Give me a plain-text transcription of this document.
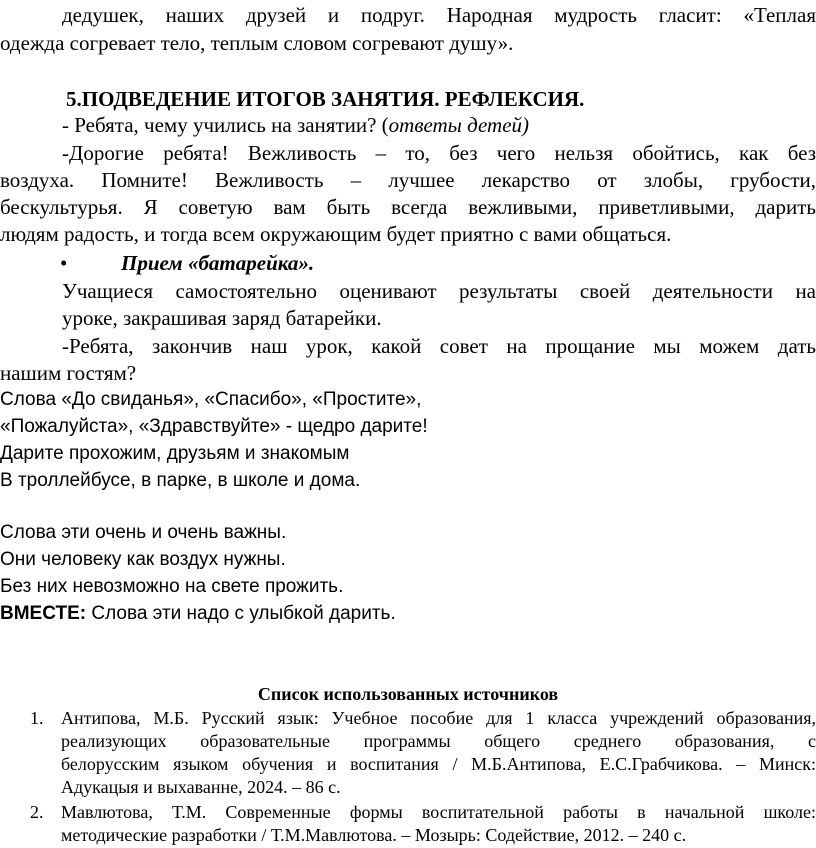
дедушек, наших друзей и подруг. Народная мудрость гласит: «Теплая
одежда согревает тело, теплым словом согревают душу».
5.ПОДВЕДЕНИЕ ИТОГОВ ЗАНЯТИЯ. РЕФЛЕКСИЯ.
- Ребята, чему учились на занятии? (ответы детей)
-Дорогие ребята! Вежливость – то, без чего нельзя обойтись, как без
воздуха. Помните! Вежливость – лучшее лекарство от злобы, грубости,
бескультурья. Я советую вам быть всегда вежливыми, приветливыми, дарить
людям радость, и тогда всем окружающим будет приятно с вами общаться.
•	Прием «батарейка».
Учащиеся самостоятельно оценивают результаты своей деятельности на
уроке, закрашивая заряд батарейки.
-Ребята, закончив наш урок, какой совет на прощание мы можем дать
нашим гостям?
Слова «До свиданья», «Спасибо», «Простите»,
«Пожалуйста», «Здравствуйте» - щедро дарите!
Дарите прохожим, друзьям и знакомым
В троллейбусе, в парке, в школе и дома.
Слова эти очень и очень важны.
Они человеку как воздух нужны.
Без них невозможно на свете прожить.
ВМЕСТЕ: Слова эти надо с улыбкой дарить.
Список использованных источников
1. Антипова, М.Б. Русский язык: Учебное пособие для 1 класса учреждений образования,
реализующих образовательные программы общего среднего образования, с
белорусским языком обучения и воспитания / М.Б.Антипова, Е.С.Грабчикова. – Минск:
Адукацыя и выхаванне, 2024. – 86 с.
2. Мавлютова, Т.М. Современные формы воспитательной работы в начальной школе:
методические разработки / Т.М.Мавлютова. – Мозырь: Содействие, 2012. – 240 с.
